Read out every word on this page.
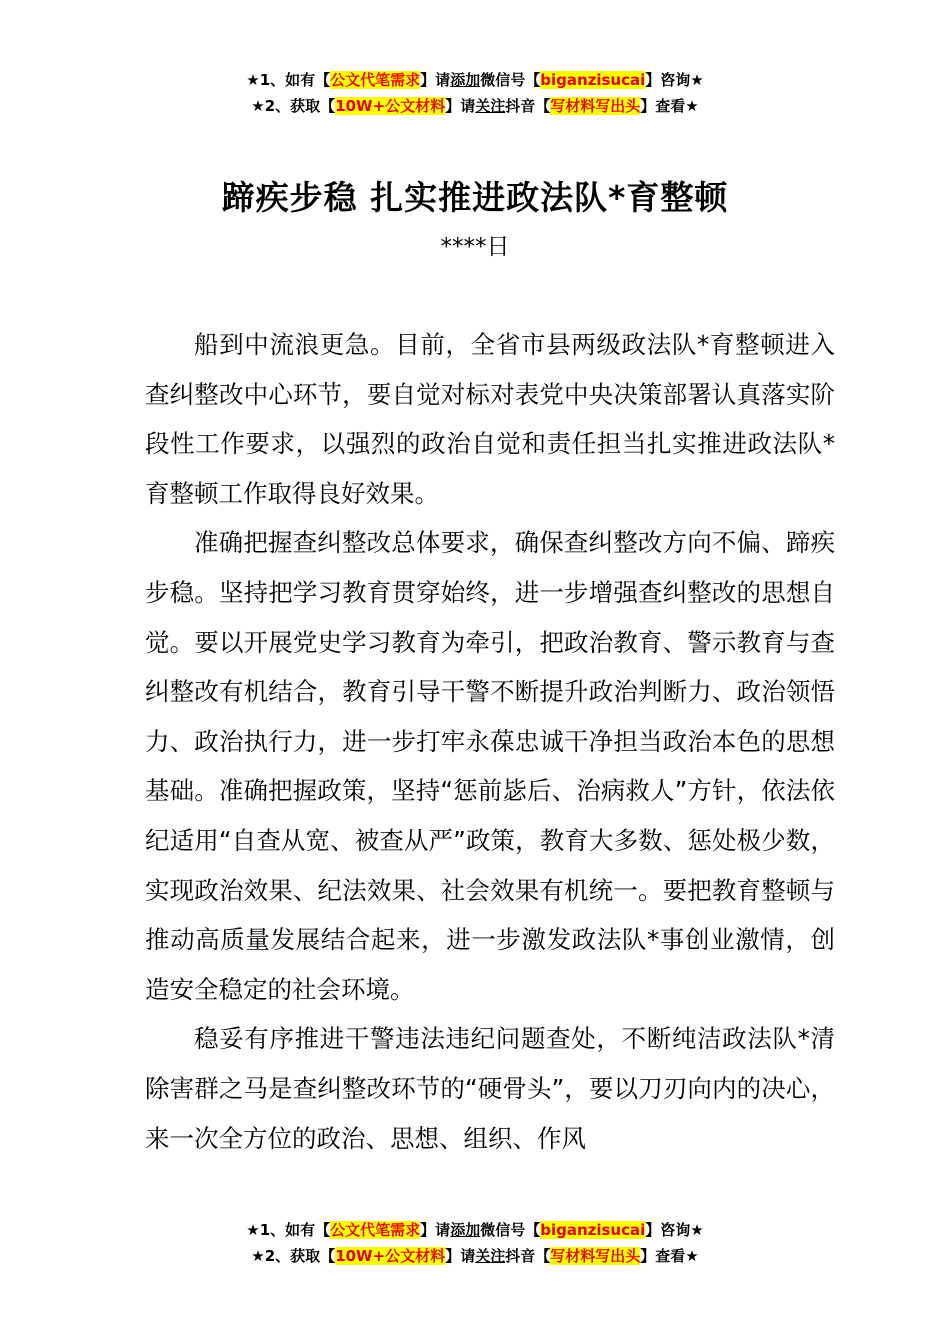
★1、如有【公文代笔需求】请添加微信号【biganzisucai】咨询★
★2、获取【10W+公文材料】请关注抖音【写材料写出头】查看★
蹄疾步稳 扎实推进政法队*育整顿
****日

船到中流浪更急。目前，全省市县两级政法队*育整顿进入查纠整改中心环节，要自觉对标对表党中央决策部署认真落实阶段性工作要求，以强烈的政治自觉和责任担当扎实推进政法队*育整顿工作取得良好效果。

准确把握查纠整改总体要求，确保查纠整改方向不偏、蹄疾步稳。坚持把学习教育贯穿始终，进一步增强查纠整改的思想自觉。要以开展党史学习教育为牵引，把政治教育、警示教育与查纠整改有机结合，教育引导干警不断提升政治判断力、政治领悟力、政治执行力，进一步打牢永葆忠诚干净担当政治本色的思想基础。准确把握政策，坚持“惩前毖后、治病救人”方针，依法依纪适用“自查从宽、被查从严”政策，教育大多数、惩处极少数，实现政治效果、纪法效果、社会效果有机统一。要把教育整顿与推动高质量发展结合起来，进一步激发政法队*事创业激情，创造安全稳定的社会环境。

稳妥有序推进干警违法违纪问题查处，不断纯洁政法队*清除害群之马是查纠整改环节的“硬骨头”，要以刀刃向内的决心，来一次全方位的政治、思想、组织、作风

★1、如有【公文代笔需求】请添加微信号【biganzisucai】咨询★
★2、获取【10W+公文材料】请关注抖音【写材料写出头】查看★
